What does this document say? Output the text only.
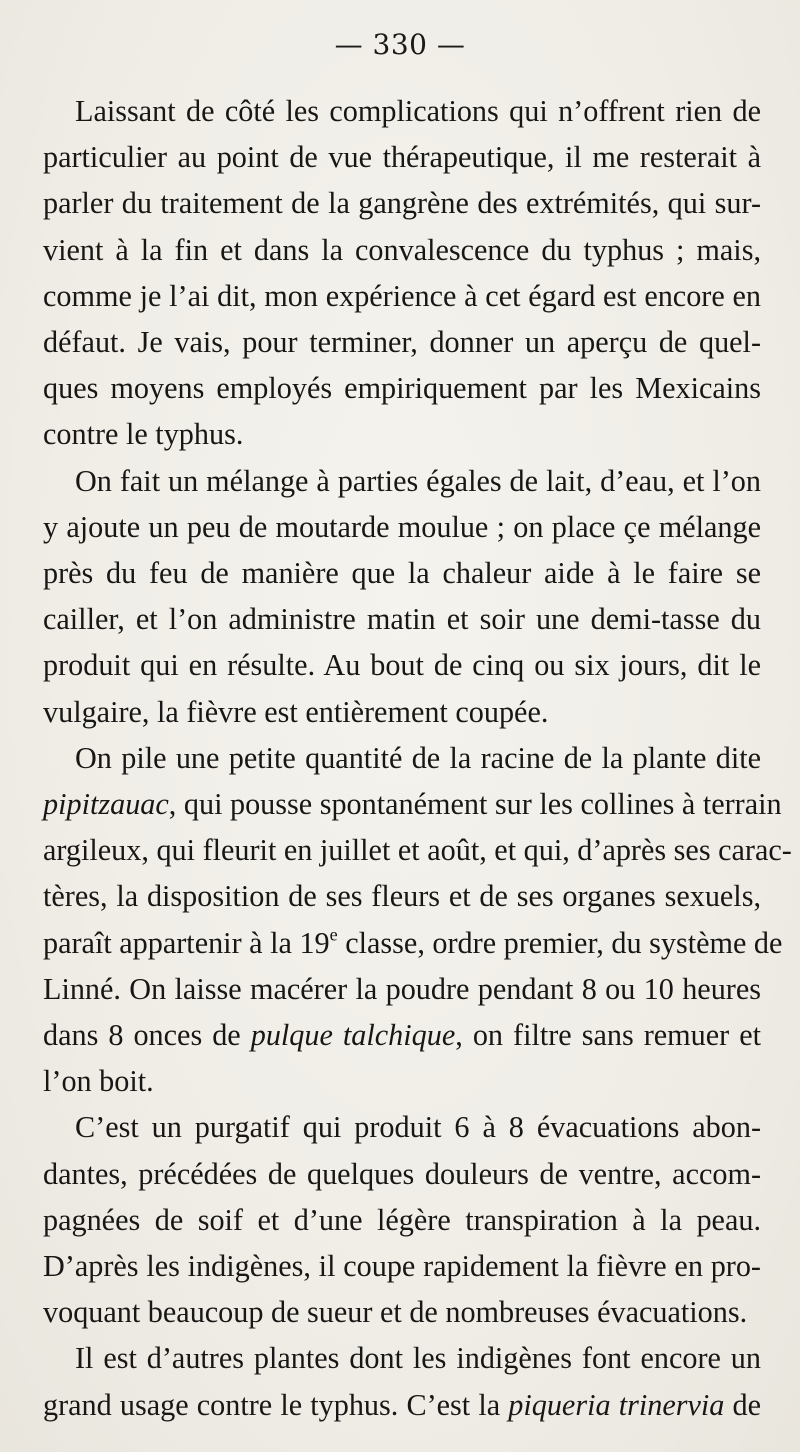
— 330 —
Laissant de côté les complications qui n’offrent rien de
particulier au point de vue thérapeutique, il me resterait à
parler du traitement de la gangrène des extrémités, qui sur-
vient à la fin et dans la convalescence du typhus ; mais,
comme je l’ai dit, mon expérience à cet égard est encore en
défaut. Je vais, pour terminer, donner un aperçu de quel-
ques moyens employés empiriquement par les Mexicains
contre le typhus.
On fait un mélange à parties égales de lait, d’eau, et l’on
y ajoute un peu de moutarde moulue ; on place çe mélange
près du feu de manière que la chaleur aide à le faire se
cailler, et l’on administre matin et soir une demi-tasse du
produit qui en résulte. Au bout de cinq ou six jours, dit le
vulgaire, la fièvre est entièrement coupée.
On pile une petite quantité de la racine de la plante dite
pipitzauac, qui pousse spontanément sur les collines à terrain
argileux, qui fleurit en juillet et août, et qui, d’après ses carac-
tères, la disposition de ses fleurs et de ses organes sexuels,
paraît appartenir à la 19e classe, ordre premier, du système de
Linné. On laisse macérer la poudre pendant 8 ou 10 heures
dans 8 onces de pulque talchique, on filtre sans remuer et
l’on boit.
C’est un purgatif qui produit 6 à 8 évacuations abon-
dantes, précédées de quelques douleurs de ventre, accom-
pagnées de soif et d’une légère transpiration à la peau.
D’après les indigènes, il coupe rapidement la fièvre en pro-
voquant beaucoup de sueur et de nombreuses évacuations.
Il est d’autres plantes dont les indigènes font encore un
grand usage contre le typhus. C’est la piqueria trinervia de
